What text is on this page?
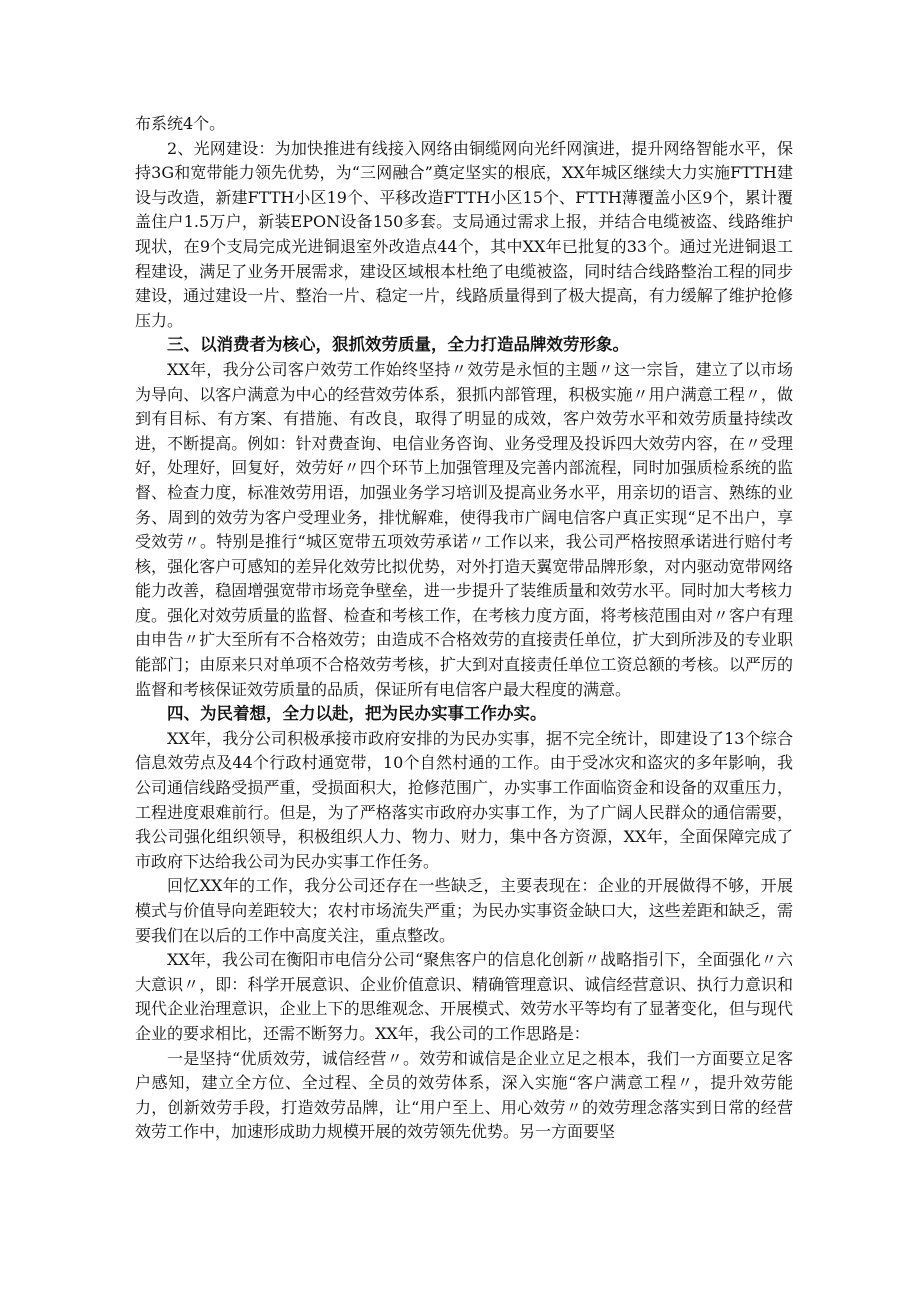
布系统4个。

2、光网建设：为加快推进有线接入网络由铜缆网向光纤网演进，提升网络智能水平，保持3G和宽带能力领先优势，为“三网融合”奠定坚实的根底，XX年城区继续大力实施FTTH建设与改造，新建FTTH小区19个、平移改造FTTH小区15个、FTTH薄覆盖小区9个，累计覆盖住户1.5万户，新装EPON设备150多套。支局通过需求上报，并结合电缆被盗、线路维护现状，在9个支局完成光进铜退室外改造点44个，其中XX年已批复的33个。通过光进铜退工程建设，满足了业务开展需求，建设区域根本杜绝了电缆被盗，同时结合线路整治工程的同步建设，通过建设一片、整治一片、稳定一片，线路质量得到了极大提高，有力缓解了维护抢修压力。

三、以消费者为核心，狠抓效劳质量，全力打造品牌效劳形象。

XX年，我分公司客户效劳工作始终坚持〃效劳是永恒的主题〃这一宗旨，建立了以市场为导向、以客户满意为中心的经营效劳体系，狠抓内部管理，积极实施〃用户满意工程〃，做到有目标、有方案、有措施、有改良，取得了明显的成效，客户效劳水平和效劳质量持续改进，不断提高。例如：针对费查询、电信业务咨询、业务受理及投诉四大效劳内容，在〃受理好，处理好，回复好，效劳好〃四个环节上加强管理及完善内部流程，同时加强质检系统的监督、检查力度，标准效劳用语，加强业务学习培训及提高业务水平，用亲切的语言、熟练的业务、周到的效劳为客户受理业务，排忧解难，使得我市广阔电信客户真正实现“足不出户，享受效劳〃。特别是推行“城区宽带五项效劳承诺〃工作以来，我公司严格按照承诺进行赔付考核，强化客户可感知的差异化效劳比拟优势，对外打造天翼宽带品牌形象，对内驱动宽带网络能力改善，稳固增强宽带市场竞争壁垒，进一步提升了装维质量和效劳水平。同时加大考核力度。强化对效劳质量的监督、检查和考核工作，在考核力度方面，将考核范围由对〃客户有理由申告〃扩大至所有不合格效劳；由造成不合格效劳的直接责任单位，扩大到所涉及的专业职能部门；由原来只对单项不合格效劳考核，扩大到对直接责任单位工资总额的考核。以严厉的监督和考核保证效劳质量的品质，保证所有电信客户最大程度的满意。

四、为民着想，全力以赴，把为民办实事工作办实。

XX年，我分公司积极承接市政府安排的为民办实事，据不完全统计，即建设了13个综合信息效劳点及44个行政村通宽带，10个自然村通的工作。由于受冰灾和盗灾的多年影响，我公司通信线路受损严重，受损面积大，抢修范围广，办实事工作面临资金和设备的双重压力，工程进度艰难前行。但是，为了严格落实市政府办实事工作，为了广阔人民群众的通信需要，我公司强化组织领导，积极组织人力、物力、财力，集中各方资源，XX年，全面保障完成了市政府下达给我公司为民办实事工作任务。

回忆XX年的工作，我分公司还存在一些缺乏，主要表现在：企业的开展做得不够，开展模式与价值导向差距较大；农村市场流失严重；为民办实事资金缺口大，这些差距和缺乏，需要我们在以后的工作中高度关注，重点整改。

XX年，我公司在衡阳市电信分公司“聚焦客户的信息化创新〃战略指引下，全面强化〃六大意识〃，即：科学开展意识、企业价值意识、精确管理意识、诚信经营意识、执行力意识和现代企业治理意识，企业上下的思维观念、开展模式、效劳水平等均有了显著变化，但与现代企业的要求相比，还需不断努力。XX年，我公司的工作思路是：

一是坚持“优质效劳，诚信经营〃。效劳和诚信是企业立足之根本，我们一方面要立足客户感知，建立全方位、全过程、全员的效劳体系，深入实施“客户满意工程〃，提升效劳能力，创新效劳手段，打造效劳品牌，让“用户至上、用心效劳〃的效劳理念落实到日常的经营效劳工作中，加速形成助力规模开展的效劳领先优势。另一方面要坚
